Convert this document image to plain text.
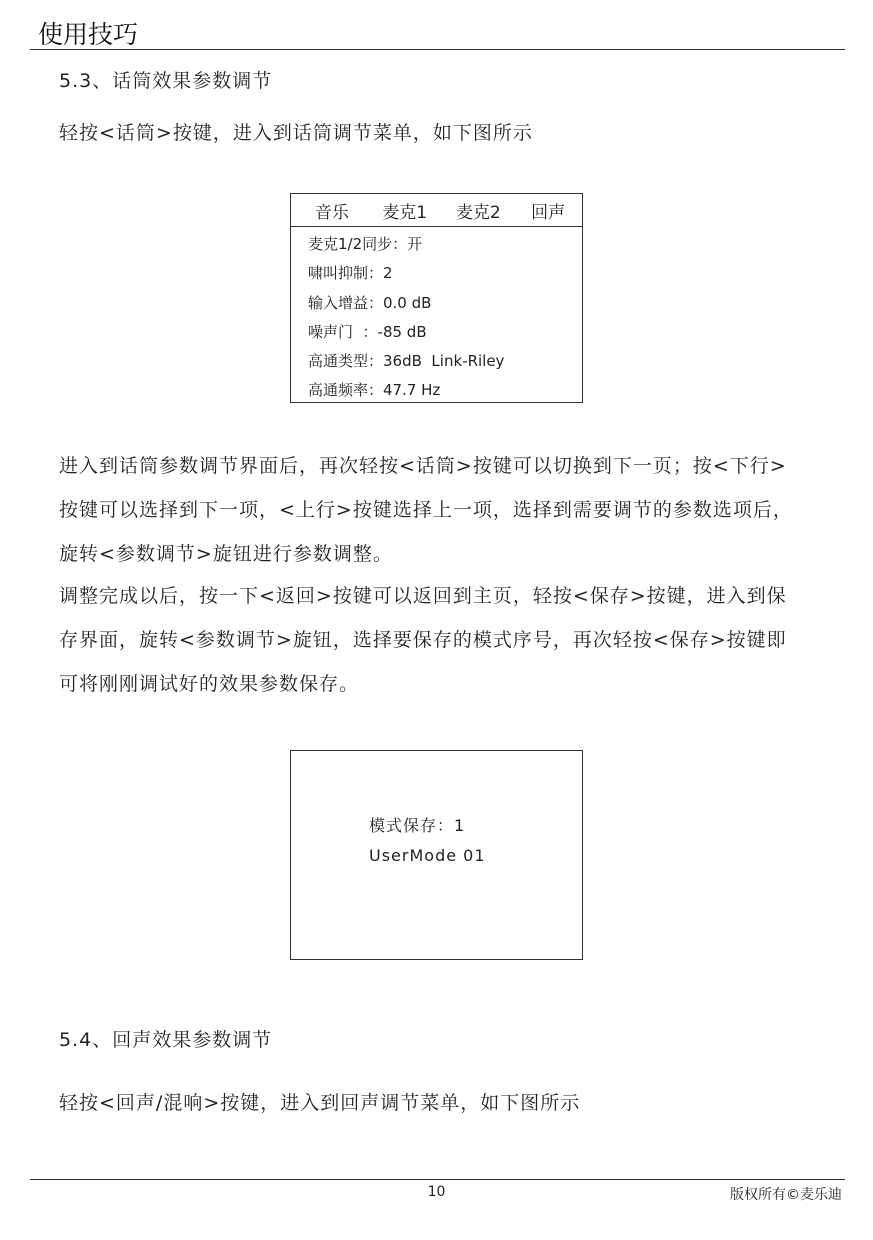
使用技巧
5.3、话筒效果参数调节
轻按<话筒>按键，进入到话筒调节菜单，如下图所示
音乐	麦克1	麦克2	回声
麦克1/2同步：开
啸叫抑制：2
输入增益：0.0 dB
噪声门  ：-85 dB
高通类型：36dB  Link-Riley
高通频率：47.7 Hz
进入到话筒参数调节界面后，再次轻按<话筒>按键可以切换到下一页；按<下行>
按键可以选择到下一项，<上行>按键选择上一项，选择到需要调节的参数选项后，
旋转<参数调节>旋钮进行参数调整。
调整完成以后，按一下<返回>按键可以返回到主页，轻按<保存>按键，进入到保
存界面，旋转<参数调节>旋钮，选择要保存的模式序号，再次轻按<保存>按键即
可将刚刚调试好的效果参数保存。
模式保存：1
UserMode 01
5.4、回声效果参数调节
轻按<回声/混响>按键，进入到回声调节菜单，如下图所示
10	版权所有©麦乐迪
